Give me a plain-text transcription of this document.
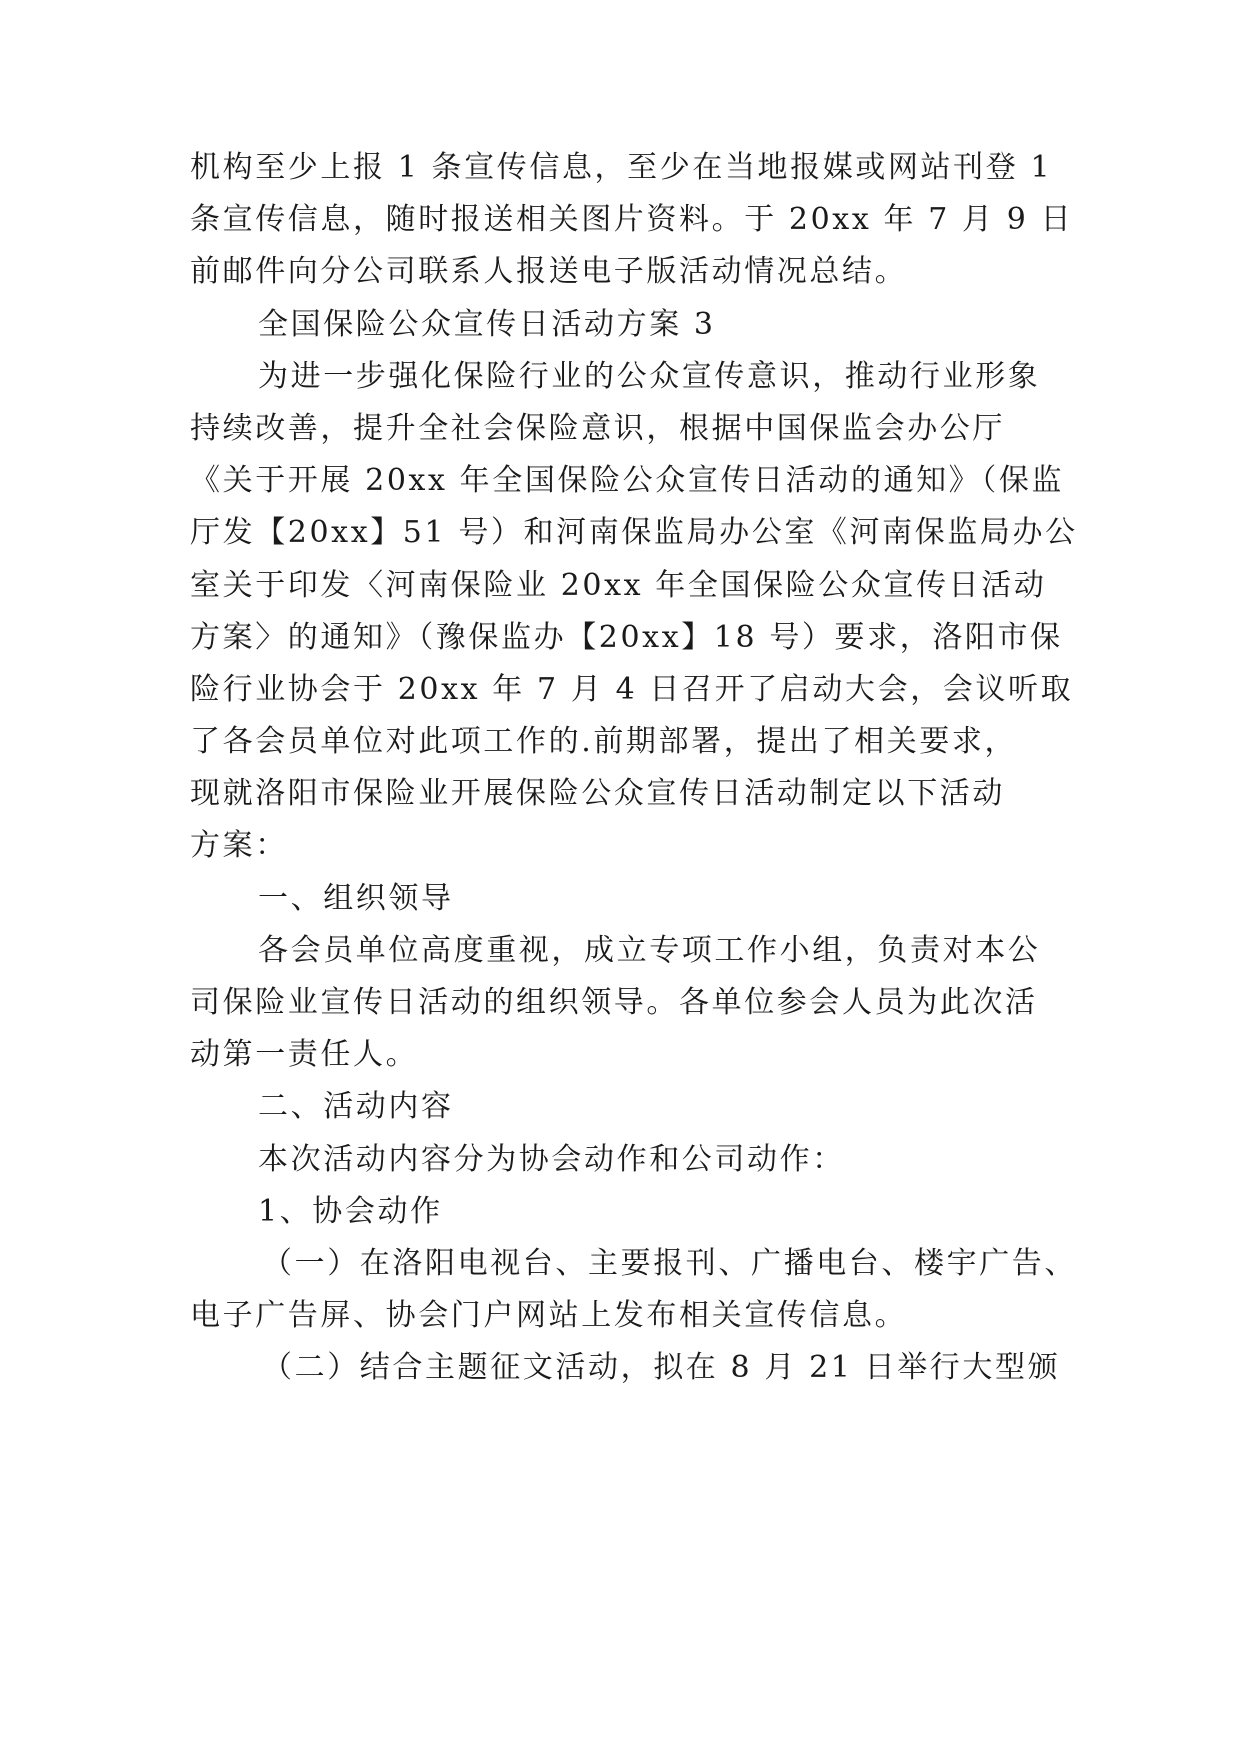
机构至少上报 1 条宣传信息，至少在当地报媒或网站刊登 1
条宣传信息，随时报送相关图片资料。于 20xx 年 7 月 9 日
前邮件向分公司联系人报送电子版活动情况总结。
全国保险公众宣传日活动方案 3
为进一步强化保险行业的公众宣传意识，推动行业形象
持续改善，提升全社会保险意识，根据中国保监会办公厅
《关于开展 20xx 年全国保险公众宣传日活动的通知》（保监
厅发【20xx】51 号）和河南保监局办公室《河南保监局办公
室关于印发〈河南保险业 20xx 年全国保险公众宣传日活动
方案〉的通知》（豫保监办【20xx】18 号）要求，洛阳市保
险行业协会于 20xx 年 7 月 4 日召开了启动大会，会议听取
了各会员单位对此项工作的.前期部署，提出了相关要求，
现就洛阳市保险业开展保险公众宣传日活动制定以下活动
方案：
一、组织领导
各会员单位高度重视，成立专项工作小组，负责对本公
司保险业宣传日活动的组织领导。各单位参会人员为此次活
动第一责任人。
二、活动内容
本次活动内容分为协会动作和公司动作：
1、协会动作
（一）在洛阳电视台、主要报刊、广播电台、楼宇广告、
电子广告屏、协会门户网站上发布相关宣传信息。
（二）结合主题征文活动，拟在 8 月 21 日举行大型颁
